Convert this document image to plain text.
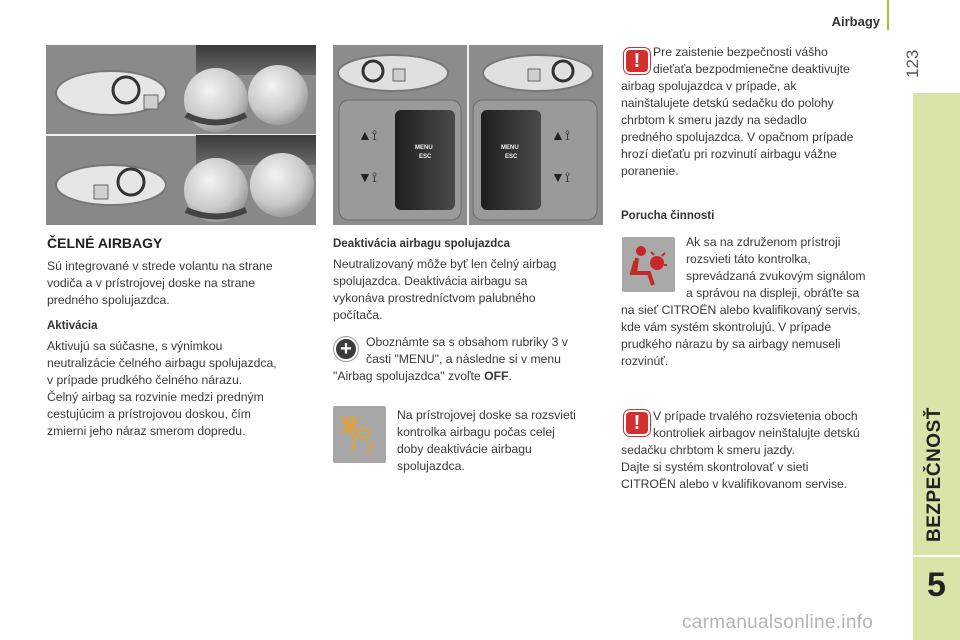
Airbagy
123
BEZPEČNOSŤ
5
▲⟟
▼⟟
▲⟟
▼⟟
MENU
ESC
MENU
ESC
ČELNÉ AIRBAGY
Sú integrované v strede volantu na strane
vodiča a v prístrojovej doske na strane
predného spolujazdca.
Aktivácia
Aktivujú sa súčasne, s výnimkou
neutralizácie čelného airbagu spolujazdca,
v prípade prudkého čelného nárazu.
Čelný airbag sa rozvinie medzi predným
cestujúcim a prístrojovou doskou, čím
zmierni jeho náraz smerom dopredu.
Deaktivácia airbagu spolujazdca
Neutralizovaný môže byť len čelný airbag
spolujazdca. Deaktivácia airbagu sa
vykonáva prostredníctvom palubného
počítača.
+	Oboznámte sa s obsahom rubriky 3 v
časti "MENU", a následne si v menu
"Airbag spolujazdca" zvoľte OFF.
2
Na prístrojovej doske sa rozsvieti
kontrolka airbagu počas celej
doby deaktivácie airbagu
spolujazdca.
!	Pre zaistenie bezpečnosti vášho
dieťaťa bezpodmienečne deaktivujte
airbag spolujazdca v prípade, ak
nainštalujete detskú sedačku do polohy
chrbtom k smeru jazdy na sedadlo
predného spolujazdca. V opačnom prípade
hrozí dieťaťu pri rozvinutí airbagu vážne
poranenie.
Porucha činnosti
Ak sa na združenom prístroji
rozsvieti táto kontrolka,
sprevádzaná zvukovým signálom
a správou na displeji, obráťte sa
na sieť CITROËN alebo kvalifikovaný servis,
kde vám systém skontrolujú. V prípade
prudkého nárazu by sa airbagy nemuseli
rozvinúť.
!	V prípade trvalého rozsvietenia oboch
kontroliek airbagov neinštalujte detskú
sedačku chrbtom k smeru jazdy.
Dajte si systém skontrolovať v sieti
CITROËN alebo v kvalifikovanom servise.
carmanualsonline.info
